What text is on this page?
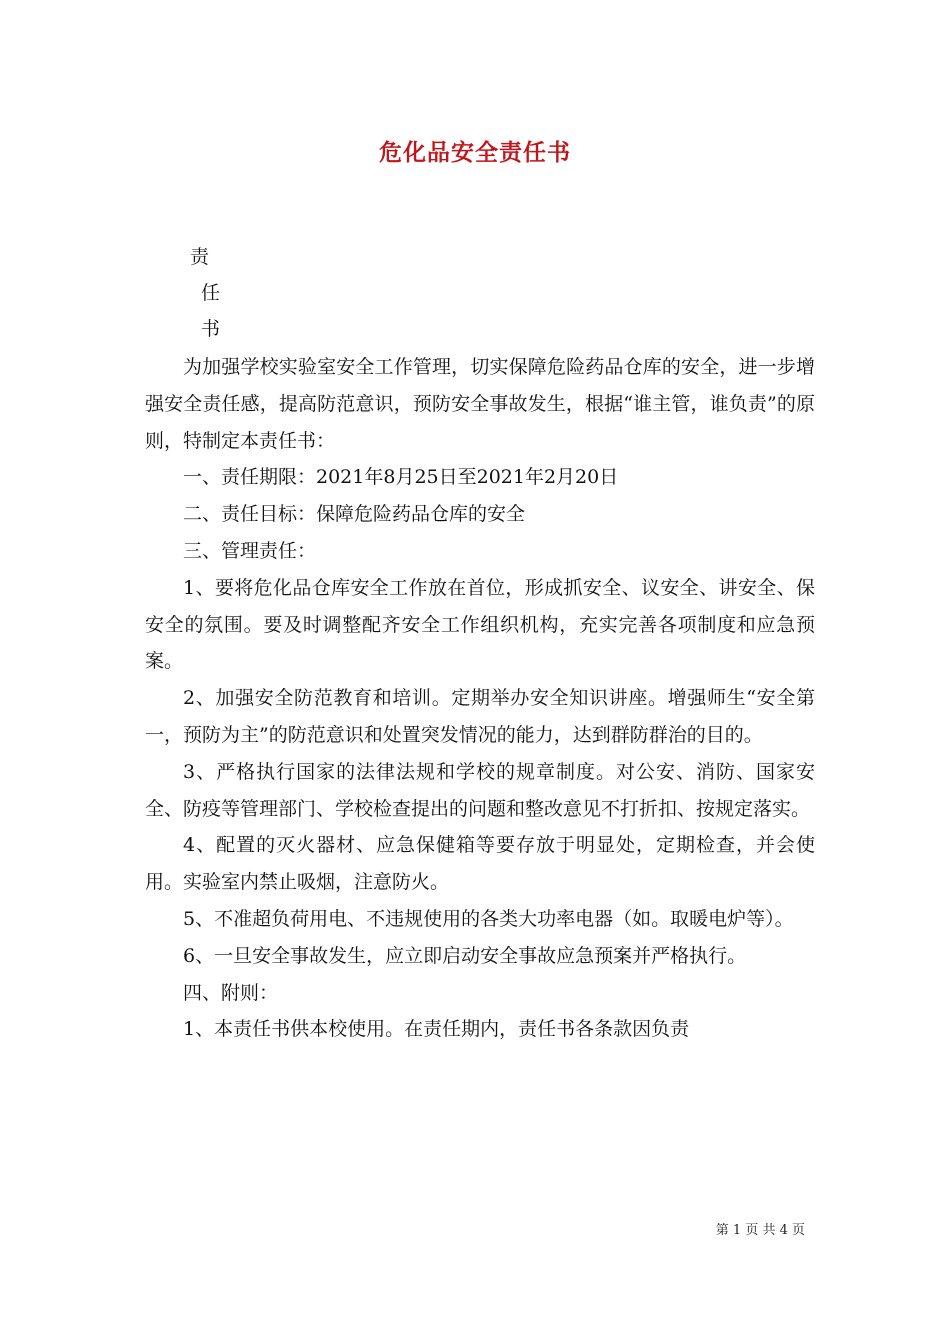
危化品安全责任书
责
任
书

为加强学校实验室安全工作管理，切实保障危险药品仓库的安全，进一步增强安全责任感，提高防范意识，预防安全事故发生，根据“谁主管，谁负责”的原则，特制定本责任书：

一、责任期限：2021年8月25日至2021年2月20日

二、责任目标：保障危险药品仓库的安全

三、管理责任：

1、要将危化品仓库安全工作放在首位，形成抓安全、议安全、讲安全、保安全的氛围。要及时调整配齐安全工作组织机构，充实完善各项制度和应急预案。

2、加强安全防范教育和培训。定期举办安全知识讲座。增强师生“安全第一，预防为主”的防范意识和处置突发情况的能力，达到群防群治的目的。

3、严格执行国家的法律法规和学校的规章制度。对公安、消防、国家安全、防疫等管理部门、学校检查提出的问题和整改意见不打折扣、按规定落实。

4、配置的灭火器材、应急保健箱等要存放于明显处，定期检查，并会使用。实验室内禁止吸烟，注意防火。

5、不准超负荷用电、不违规使用的各类大功率电器（如。取暖电炉等）。

6、一旦安全事故发生，应立即启动安全事故应急预案并严格执行。

四、附则：

1、本责任书供本校使用。在责任期内，责任书各条款因负责

第 1 页 共 4 页
